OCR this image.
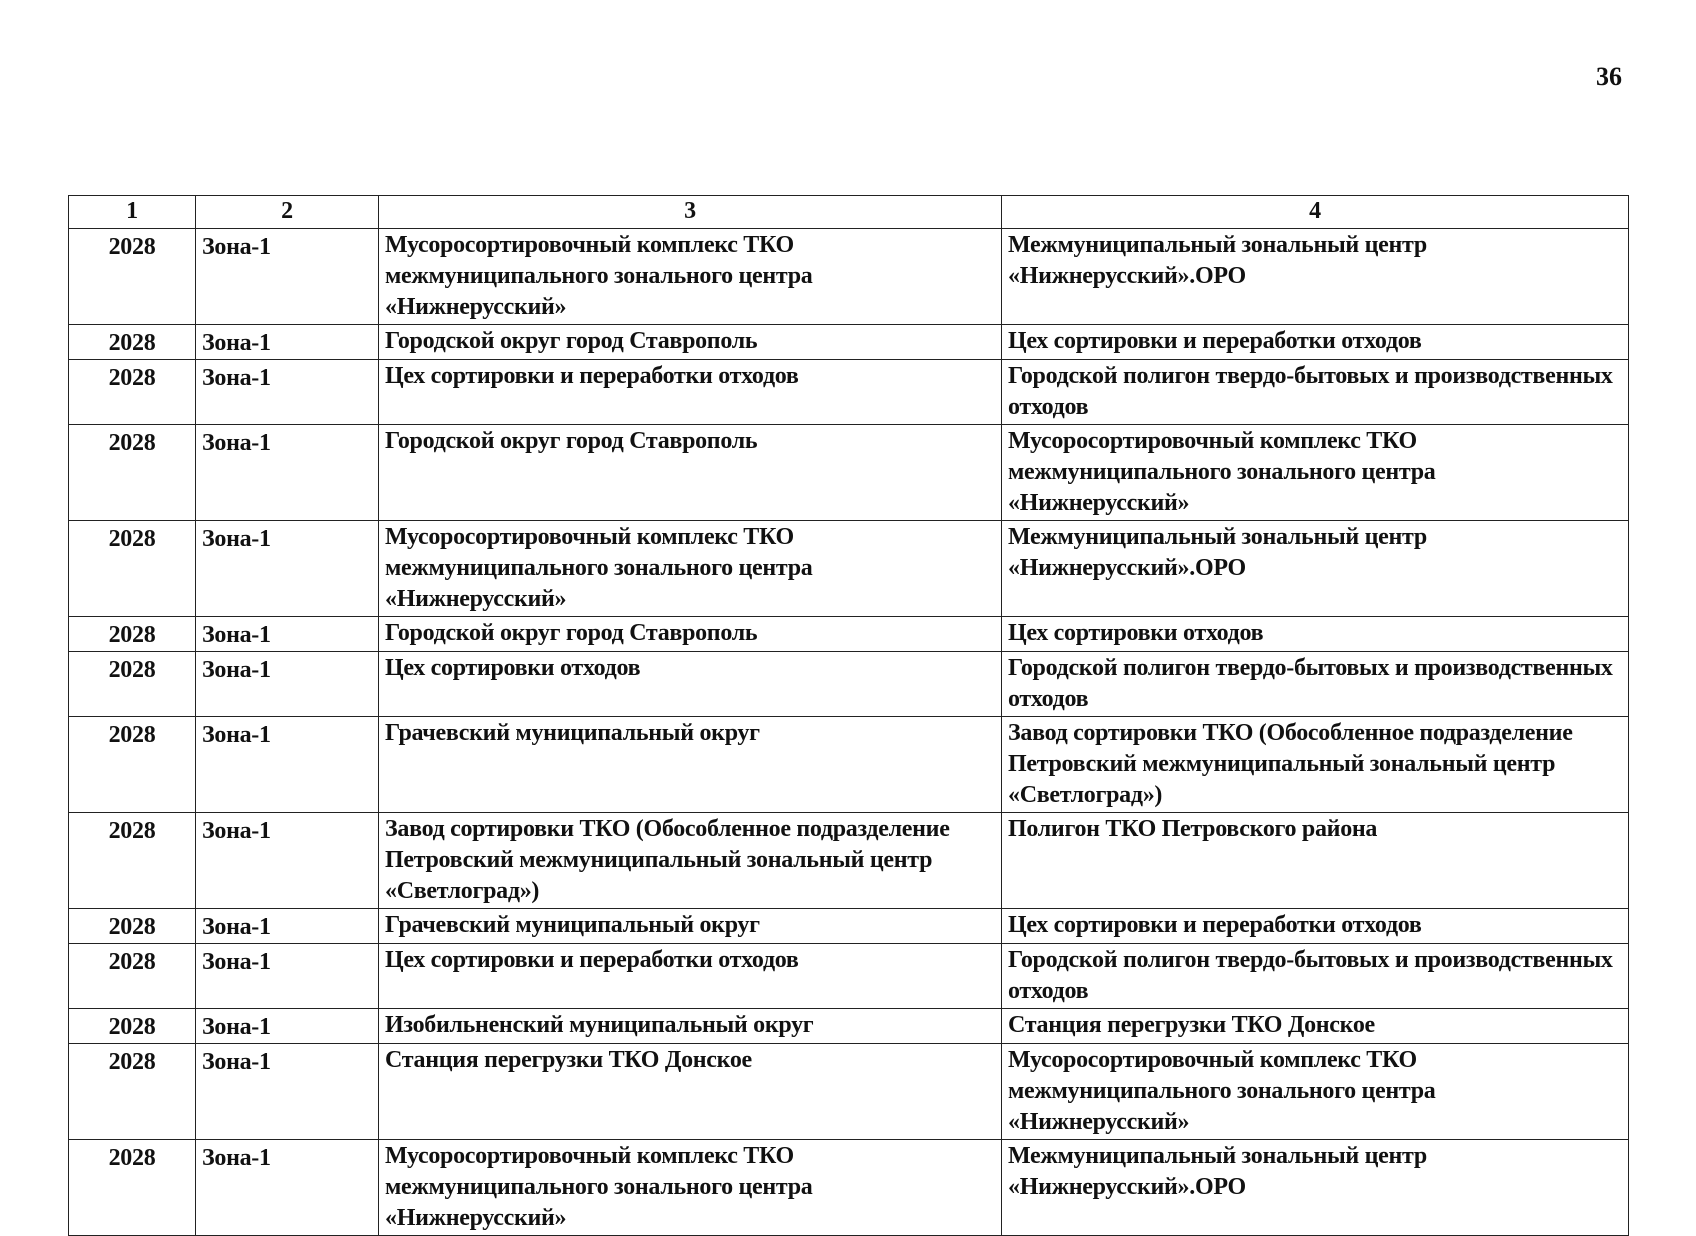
36
1	2	3	4
2028	Зона-1	Мусоросортировочный комплекс ТКО межмуниципального зонального центра «Нижнерусский»	Межмуниципальный зональный центр «Нижнерусский».ОРО
2028	Зона-1	Городской округ город Ставрополь	Цех сортировки и переработки отходов
2028	Зона-1	Цех сортировки и переработки отходов	Городской полигон твердо-бытовых и производственных отходов
2028	Зона-1	Городской округ город Ставрополь	Мусоросортировочный комплекс ТКО межмуниципального зонального центра «Нижнерусский»
2028	Зона-1	Мусоросортировочный комплекс ТКО межмуниципального зонального центра «Нижнерусский»	Межмуниципальный зональный центр «Нижнерусский».ОРО
2028	Зона-1	Городской округ город Ставрополь	Цех сортировки отходов
2028	Зона-1	Цех сортировки отходов	Городской полигон твердо-бытовых и производственных отходов
2028	Зона-1	Грачевский муниципальный округ	Завод сортировки ТКО (Обособленное подразделение Петровский межмуниципальный зональный центр «Светлоград»)
2028	Зона-1	Завод сортировки ТКО (Обособленное подразделение Петровский межмуниципальный зональный центр «Светлоград»)	Полигон ТКО Петровского района
2028	Зона-1	Грачевский муниципальный округ	Цех сортировки и переработки отходов
2028	Зона-1	Цех сортировки и переработки отходов	Городской полигон твердо-бытовых и производственных отходов
2028	Зона-1	Изобильненский муниципальный округ	Станция перегрузки ТКО Донское
2028	Зона-1	Станция перегрузки ТКО Донское	Мусоросортировочный комплекс ТКО межмуниципального зонального центра «Нижнерусский»
2028	Зона-1	Мусоросортировочный комплекс ТКО межмуниципального зонального центра «Нижнерусский»	Межмуниципальный зональный центр «Нижнерусский».ОРО
